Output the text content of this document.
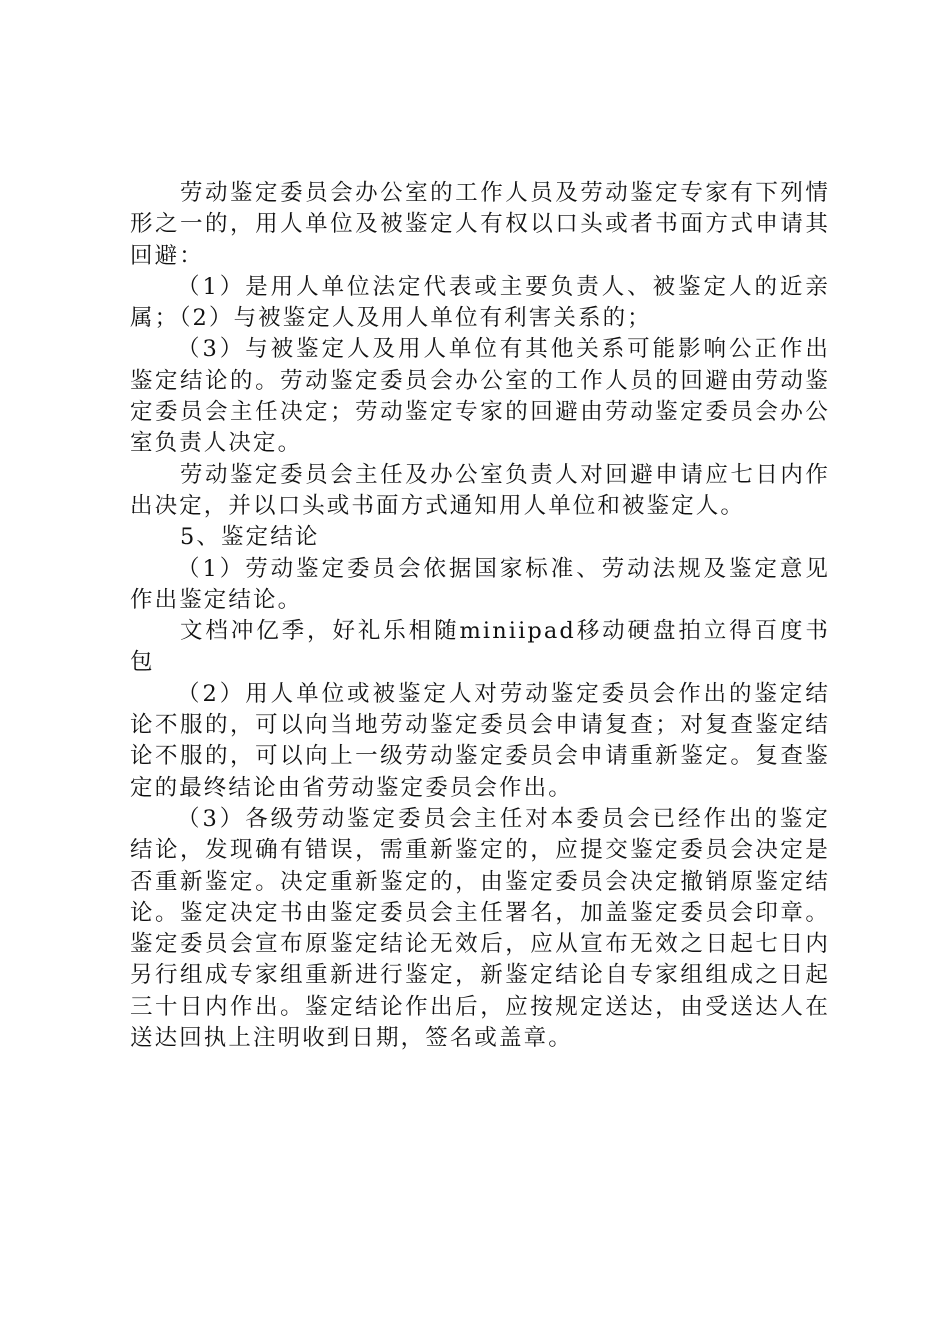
劳动鉴定委员会办公室的工作人员及劳动鉴定专家有下列情形之一的，用人单位及被鉴定人有权以口头或者书面方式申请其回避：

（1）是用人单位法定代表或主要负责人、被鉴定人的近亲属；（2）与被鉴定人及用人单位有利害关系的；

（3）与被鉴定人及用人单位有其他关系可能影响公正作出鉴定结论的。劳动鉴定委员会办公室的工作人员的回避由劳动鉴定委员会主任决定；劳动鉴定专家的回避由劳动鉴定委员会办公室负责人决定。

劳动鉴定委员会主任及办公室负责人对回避申请应七日内作出决定，并以口头或书面方式通知用人单位和被鉴定人。

5、鉴定结论

（1）劳动鉴定委员会依据国家标准、劳动法规及鉴定意见作出鉴定结论。

文档冲亿季，好礼乐相随miniipad移动硬盘拍立得百度书包

（2）用人单位或被鉴定人对劳动鉴定委员会作出的鉴定结论不服的，可以向当地劳动鉴定委员会申请复查；对复查鉴定结论不服的，可以向上一级劳动鉴定委员会申请重新鉴定。复查鉴定的最终结论由省劳动鉴定委员会作出。

（3）各级劳动鉴定委员会主任对本委员会已经作出的鉴定结论，发现确有错误，需重新鉴定的，应提交鉴定委员会决定是否重新鉴定。决定重新鉴定的，由鉴定委员会决定撤销原鉴定结论。鉴定决定书由鉴定委员会主任署名，加盖鉴定委员会印章。鉴定委员会宣布原鉴定结论无效后，应从宣布无效之日起七日内另行组成专家组重新进行鉴定，新鉴定结论自专家组组成之日起三十日内作出。鉴定结论作出后，应按规定送达，由受送达人在送达回执上注明收到日期，签名或盖章。
